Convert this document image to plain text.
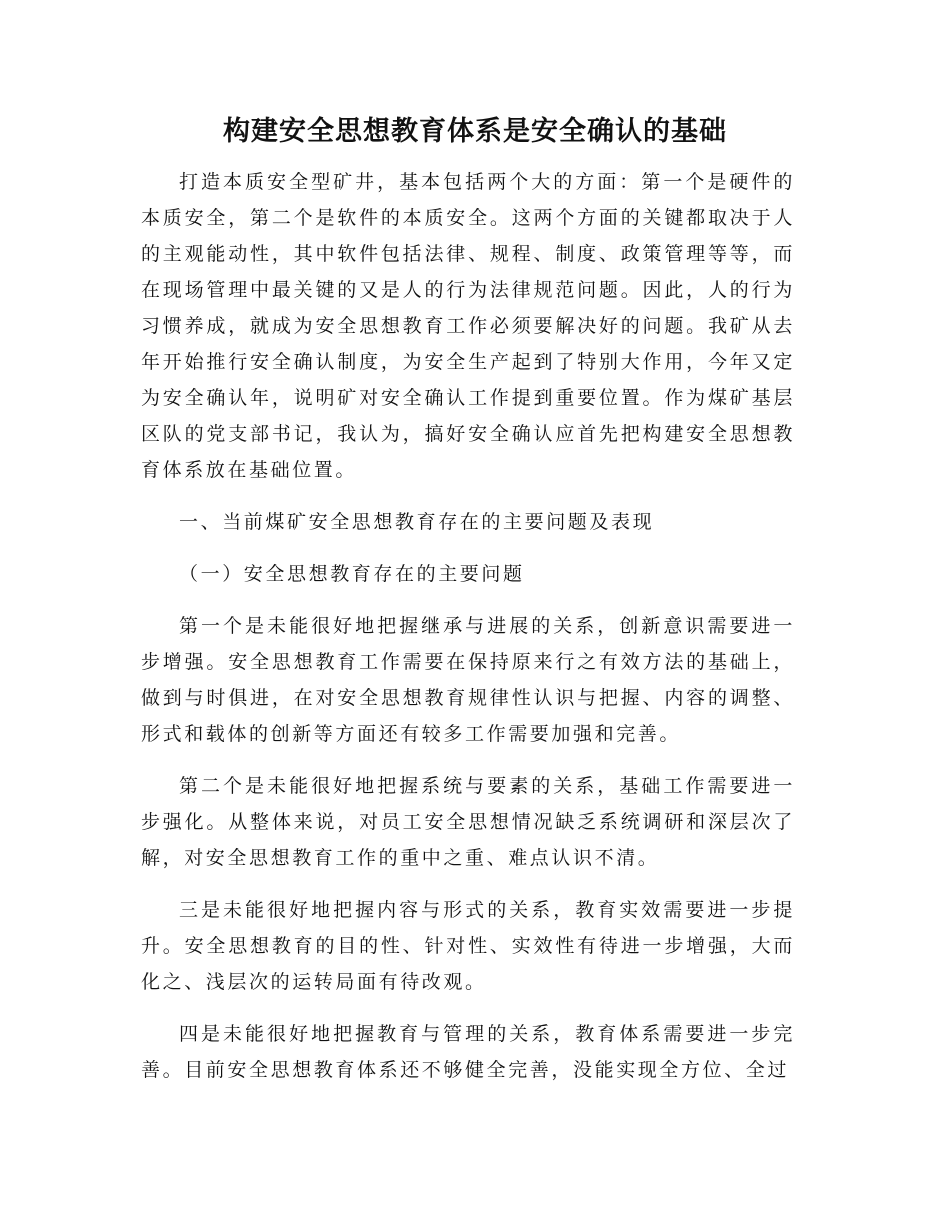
构建安全思想教育体系是安全确认的基础

打造本质安全型矿井，基本包括两个大的方面：第一个是硬件的本质安全，第二个是软件的本质安全。这两个方面的关键都取决于人的主观能动性，其中软件包括法律、规程、制度、政策管理等等，而在现场管理中最关键的又是人的行为法律规范问题。因此，人的行为习惯养成，就成为安全思想教育工作必须要解决好的问题。我矿从去年开始推行安全确认制度，为安全生产起到了特别大作用，今年又定为安全确认年，说明矿对安全确认工作提到重要位置。作为煤矿基层区队的党支部书记，我认为，搞好安全确认应首先把构建安全思想教育体系放在基础位置。

一、当前煤矿安全思想教育存在的主要问题及表现

（一）安全思想教育存在的主要问题

第一个是未能很好地把握继承与进展的关系，创新意识需要进一步增强。安全思想教育工作需要在保持原来行之有效方法的基础上，做到与时俱进，在对安全思想教育规律性认识与把握、内容的调整、形式和载体的创新等方面还有较多工作需要加强和完善。

第二个是未能很好地把握系统与要素的关系，基础工作需要进一步强化。从整体来说，对员工安全思想情况缺乏系统调研和深层次了解，对安全思想教育工作的重中之重、难点认识不清。

三是未能很好地把握内容与形式的关系，教育实效需要进一步提升。安全思想教育的目的性、针对性、实效性有待进一步增强，大而化之、浅层次的运转局面有待改观。

四是未能很好地把握教育与管理的关系，教育体系需要进一步完善。目前安全思想教育体系还不够健全完善，没能实现全方位、全过
